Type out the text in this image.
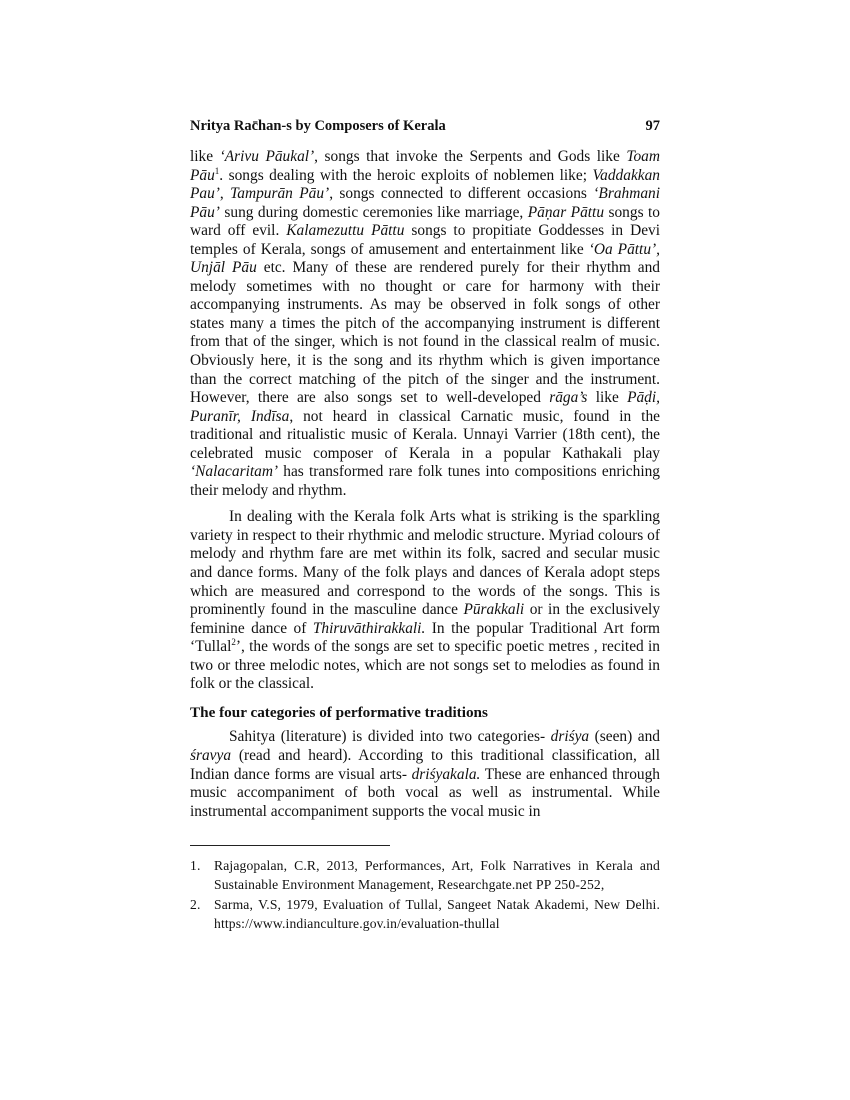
Nritya Rac̄han-s by Composers of Kerala	97

like ‘Arivu Pāukal’, songs that invoke the Serpents and Gods like Toam Pāu$^1$. songs dealing with the heroic exploits of noblemen like; Vaddakkan Pau’, Tampurān Pāu’, songs connected to different occasions ‘Brahmani Pāu’ sung during domestic ceremonies like marriage, Pāṇar Pāttu songs to ward off evil. Kalamezuttu Pāttu songs to propitiate Goddesses in Devi temples of Kerala, songs of amusement and entertainment like ‘Oa Pāttu’, Unjāl Pāu etc. Many of these are rendered purely for their rhythm and melody sometimes with no thought or care for harmony with their accompanying instruments. As may be observed in folk songs of other states many a times the pitch of the accompanying instrument is different from that of the singer, which is not found in the classical realm of music. Obviously here, it is the song and its rhythm which is given importance than the correct matching of the pitch of the singer and the instrument. However, there are also songs set to well-developed rāga’s like Pāḍi, Puranīr, Indīsa, not heard in classical Carnatic music, found in the traditional and ritualistic music of Kerala. Unnayi Varrier (18th cent), the celebrated music composer of Kerala in a popular Kathakali play ‘Nalacaritam’ has transformed rare folk tunes into compositions enriching their melody and rhythm.

In dealing with the Kerala folk Arts what is striking is the sparkling variety in respect to their rhythmic and melodic structure. Myriad colours of melody and rhythm fare are met within its folk, sacred and secular music and dance forms. Many of the folk plays and dances of Kerala adopt steps which are measured and correspond to the words of the songs. This is prominently found in the masculine dance Pūrakkali or in the exclusively feminine dance of Thiruvāthirakkali. In the popular Traditional Art form ‘Tullal$^2$’, the words of the songs are set to specific poetic metres , recited in two or three melodic notes, which are not songs set to melodies as found in folk or the classical.

The four categories of performative traditions

Sahitya (literature) is divided into two categories- driśya (seen) and śravya (read and heard). According to this traditional classification, all Indian dance forms are visual arts- driśyakala. These are enhanced through music accompaniment of both vocal as well as instrumental. While instrumental accompaniment supports the vocal music in

1. Rajagopalan, C.R, 2013, Performances, Art, Folk Narratives in Kerala and Sustainable Environment Management, Researchgate.net PP 250-252,
2. Sarma, V.S, 1979, Evaluation of Tullal, Sangeet Natak Akademi, New Delhi. https://www.indianculture.gov.in/evaluation-thullal
